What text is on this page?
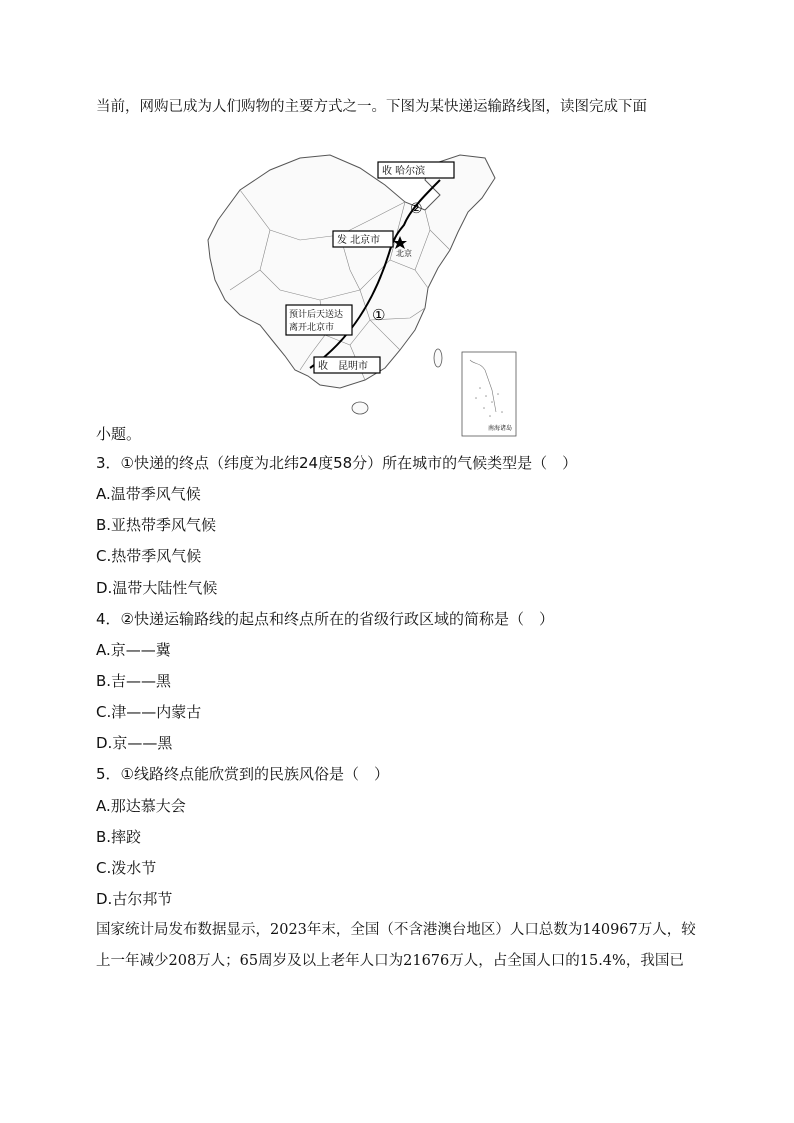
当前，网购已成为人们购物的主要方式之一。下图为某快递运输路线图，读图完成下面
收 哈尔滨
②
发 北京市
北京
预计后天送达
离开北京市
①
收　昆明市
南海诸岛
小题。
3．①快递的终点（纬度为北纬24度58分）所在城市的气候类型是（　）
A.温带季风气候
B.亚热带季风气候
C.热带季风气候
D.温带大陆性气候
4．②快递运输路线的起点和终点所在的省级行政区域的简称是（　）
A.京——冀
B.吉——黑
C.津——内蒙古
D.京——黑
5．①线路终点能欣赏到的民族风俗是（　）
A.那达慕大会
B.摔跤
C.泼水节
D.古尔邦节
国家统计局发布数据显示，2023年末，全国（不含港澳台地区）人口总数为140967万人，较
上一年减少208万人；65周岁及以上老年人口为21676万人，占全国人口的15.4%，我国已
